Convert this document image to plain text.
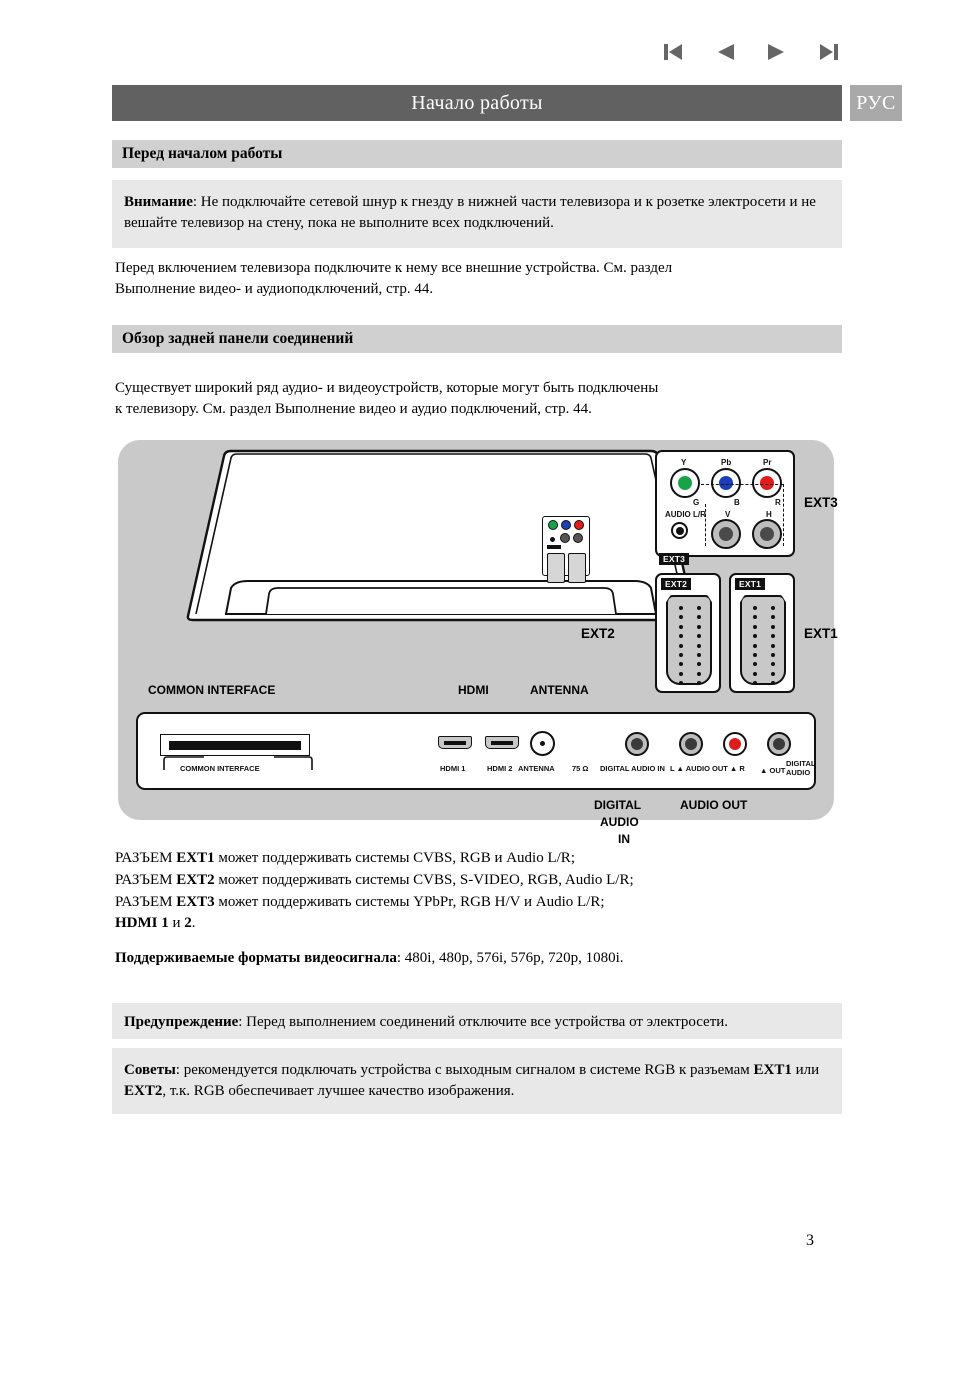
Начало работы	РУС
Перед началом работы
Внимание: Не подключайте сетевой шнур к гнезду в нижней части телевизора и к розетке электросети и не вешайте телевизор на стену, пока не выполните всех подключений.
Перед включением телевизора подключите к нему все внешние устройства. См. раздел
Выполнение видео- и аудиоподключений, стр. 44.
Обзор задней панели соединений
Существует широкий ряд аудио- и видеоустройств, которые могут быть подключены
к телевизору. См. раздел Выполнение видео и аудио подключений, стр. 44.
Y	Pb	Pr
G	B	R
AUDIO L/R V	H
EXT3
EXT3
EXT2
EXT2
EXT1
EXT1
COMMON INTERFACE	HDMI	ANTENNA
COMMON INTERFACE	HDMI 1	HDMI 2 ANTENNA 75 Ω DIGITAL AUDIO IN L ▲ AUDIO OUT ▲ R ▲ OUT
DIGITAL
AUDIO
DIGITAL
AUDIO
IN
AUDIO OUT
РАЗЪЕМ EXT1 может поддерживать системы CVBS, RGB и Audio L/R;
РАЗЪЕМ EXT2 может поддерживать системы CVBS, S-VIDEO, RGB, Audio L/R;
РАЗЪЕМ EXT3 может поддерживать системы YPbPr, RGB H/V и Audio L/R;
HDMI 1 и 2.
Поддерживаемые форматы видеосигнала: 480i, 480p, 576i, 576p, 720p, 1080i.
Предупреждение: Перед выполнением соединений отключите все устройства от электросети.
Советы: рекомендуется подключать устройства с выходным сигналом в системе RGB к разъемам EXT1 или EXT2, т.к. RGB обеспечивает лучшее качество изображения.
3
